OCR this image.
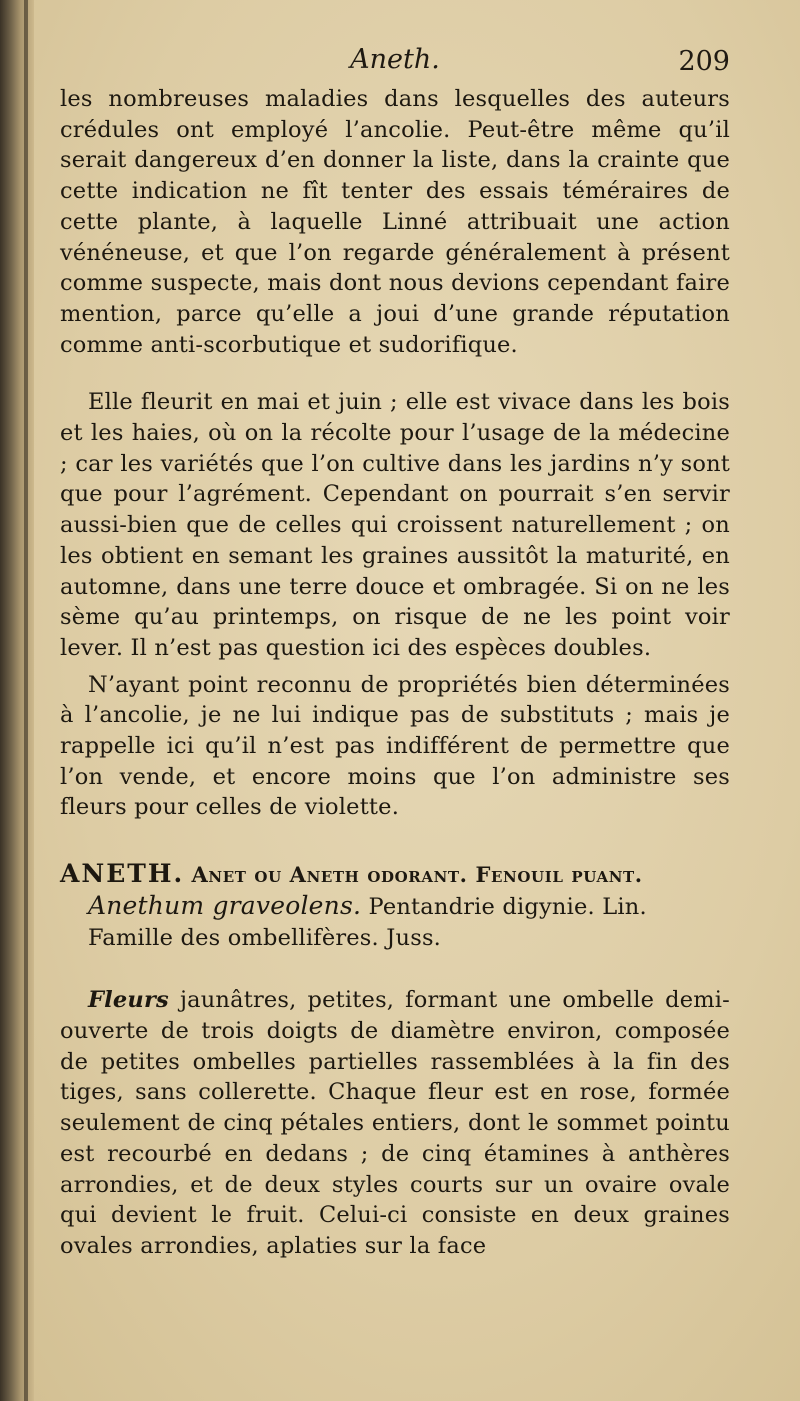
Aneth.	209

les nombreuses maladies dans lesquelles des auteurs crédules ont employé l’ancolie. Peut-être même qu’il serait dangereux d’en donner la liste, dans la crainte que cette indication ne fît tenter des essais téméraires de cette plante, à laquelle Linné attribuait une action vénéneuse, et que l’on regarde généralement à présent comme suspecte, mais dont nous devions cependant faire mention, parce qu’elle a joui d’une grande réputation comme anti-scorbutique et sudorifique.

Elle fleurit en mai et juin ; elle est vivace dans les bois et les haies, où on la récolte pour l’usage de la médecine ; car les variétés que l’on cultive dans les jardins n’y sont que pour l’agrément. Cependant on pourrait s’en servir aussi-bien que de celles qui croissent naturellement ; on les obtient en semant les graines aussitôt la maturité, en automne, dans une terre douce et ombragée. Si on ne les sème qu’au printemps, on risque de ne les point voir lever. Il n’est pas question ici des espèces doubles.

N’ayant point reconnu de propriétés bien déterminées à l’ancolie, je ne lui indique pas de substituts ; mais je rappelle ici qu’il n’est pas indifférent de permettre que l’on vende, et encore moins que l’on administre ses fleurs pour celles de violette.

ANETH. Anet ou Aneth odorant. Fenouil puant.

Anethum graveolens. Pentandrie digynie. Lin.

Famille des ombellifères. Juss.

Fleurs jaunâtres, petites, formant une ombelle demi-ouverte de trois doigts de diamètre environ, composée de petites ombelles partielles rassemblées à la fin des tiges, sans collerette. Chaque fleur est en rose, formée seulement de cinq pétales entiers, dont le sommet pointu est recourbé en dedans ; de cinq étamines à anthères arrondies, et de deux styles courts sur un ovaire ovale qui devient le fruit. Celui-ci consiste en deux graines ovales arrondies, aplaties sur la face
